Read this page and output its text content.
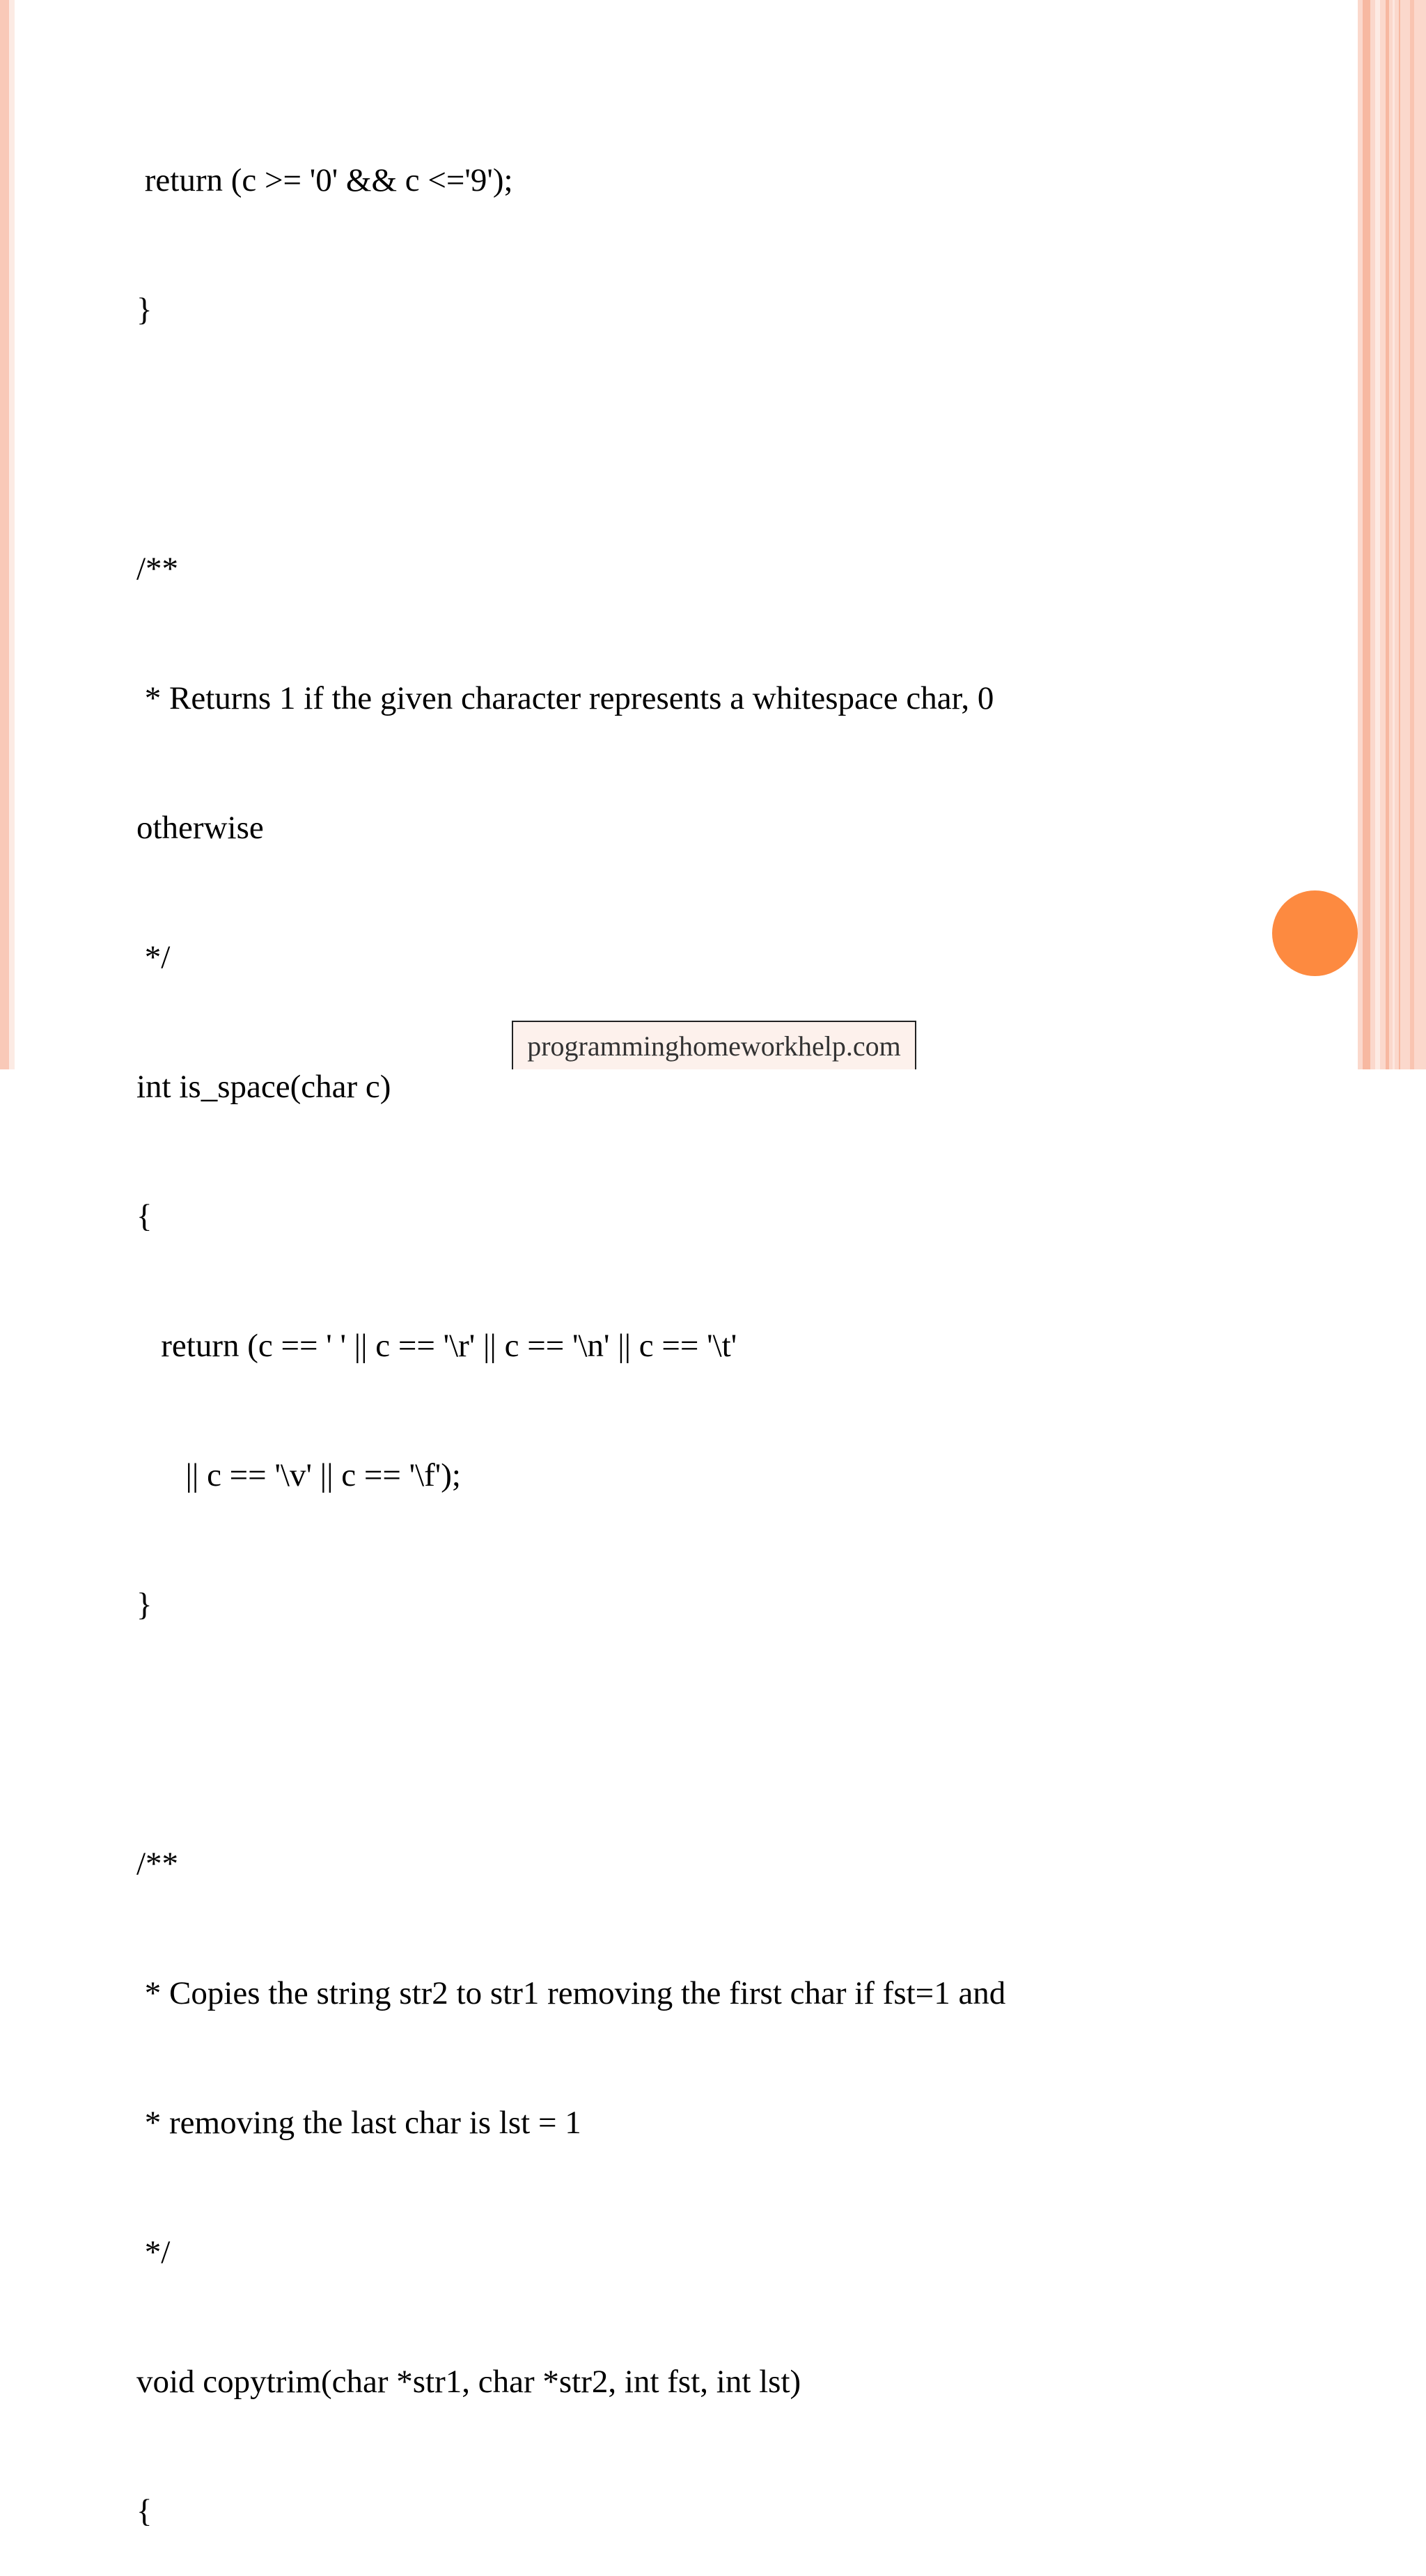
return (c >= '0' && c <='9');

}

/**

* Returns 1 if the given character represents a whitespace char, 0

otherwise

*/

int is_space(char c)

{

return (c == ' ' || c == '\r' || c == '\n' || c == '\t'

|| c == '\v' || c == '\f');

}

/**

* Copies the string str2 to str1 removing the first char if fst=1 and

* removing the last char is lst = 1

*/

void copytrim(char *str1, char *str2, int fst, int lst)

{

programminghomeworkhelp.com
